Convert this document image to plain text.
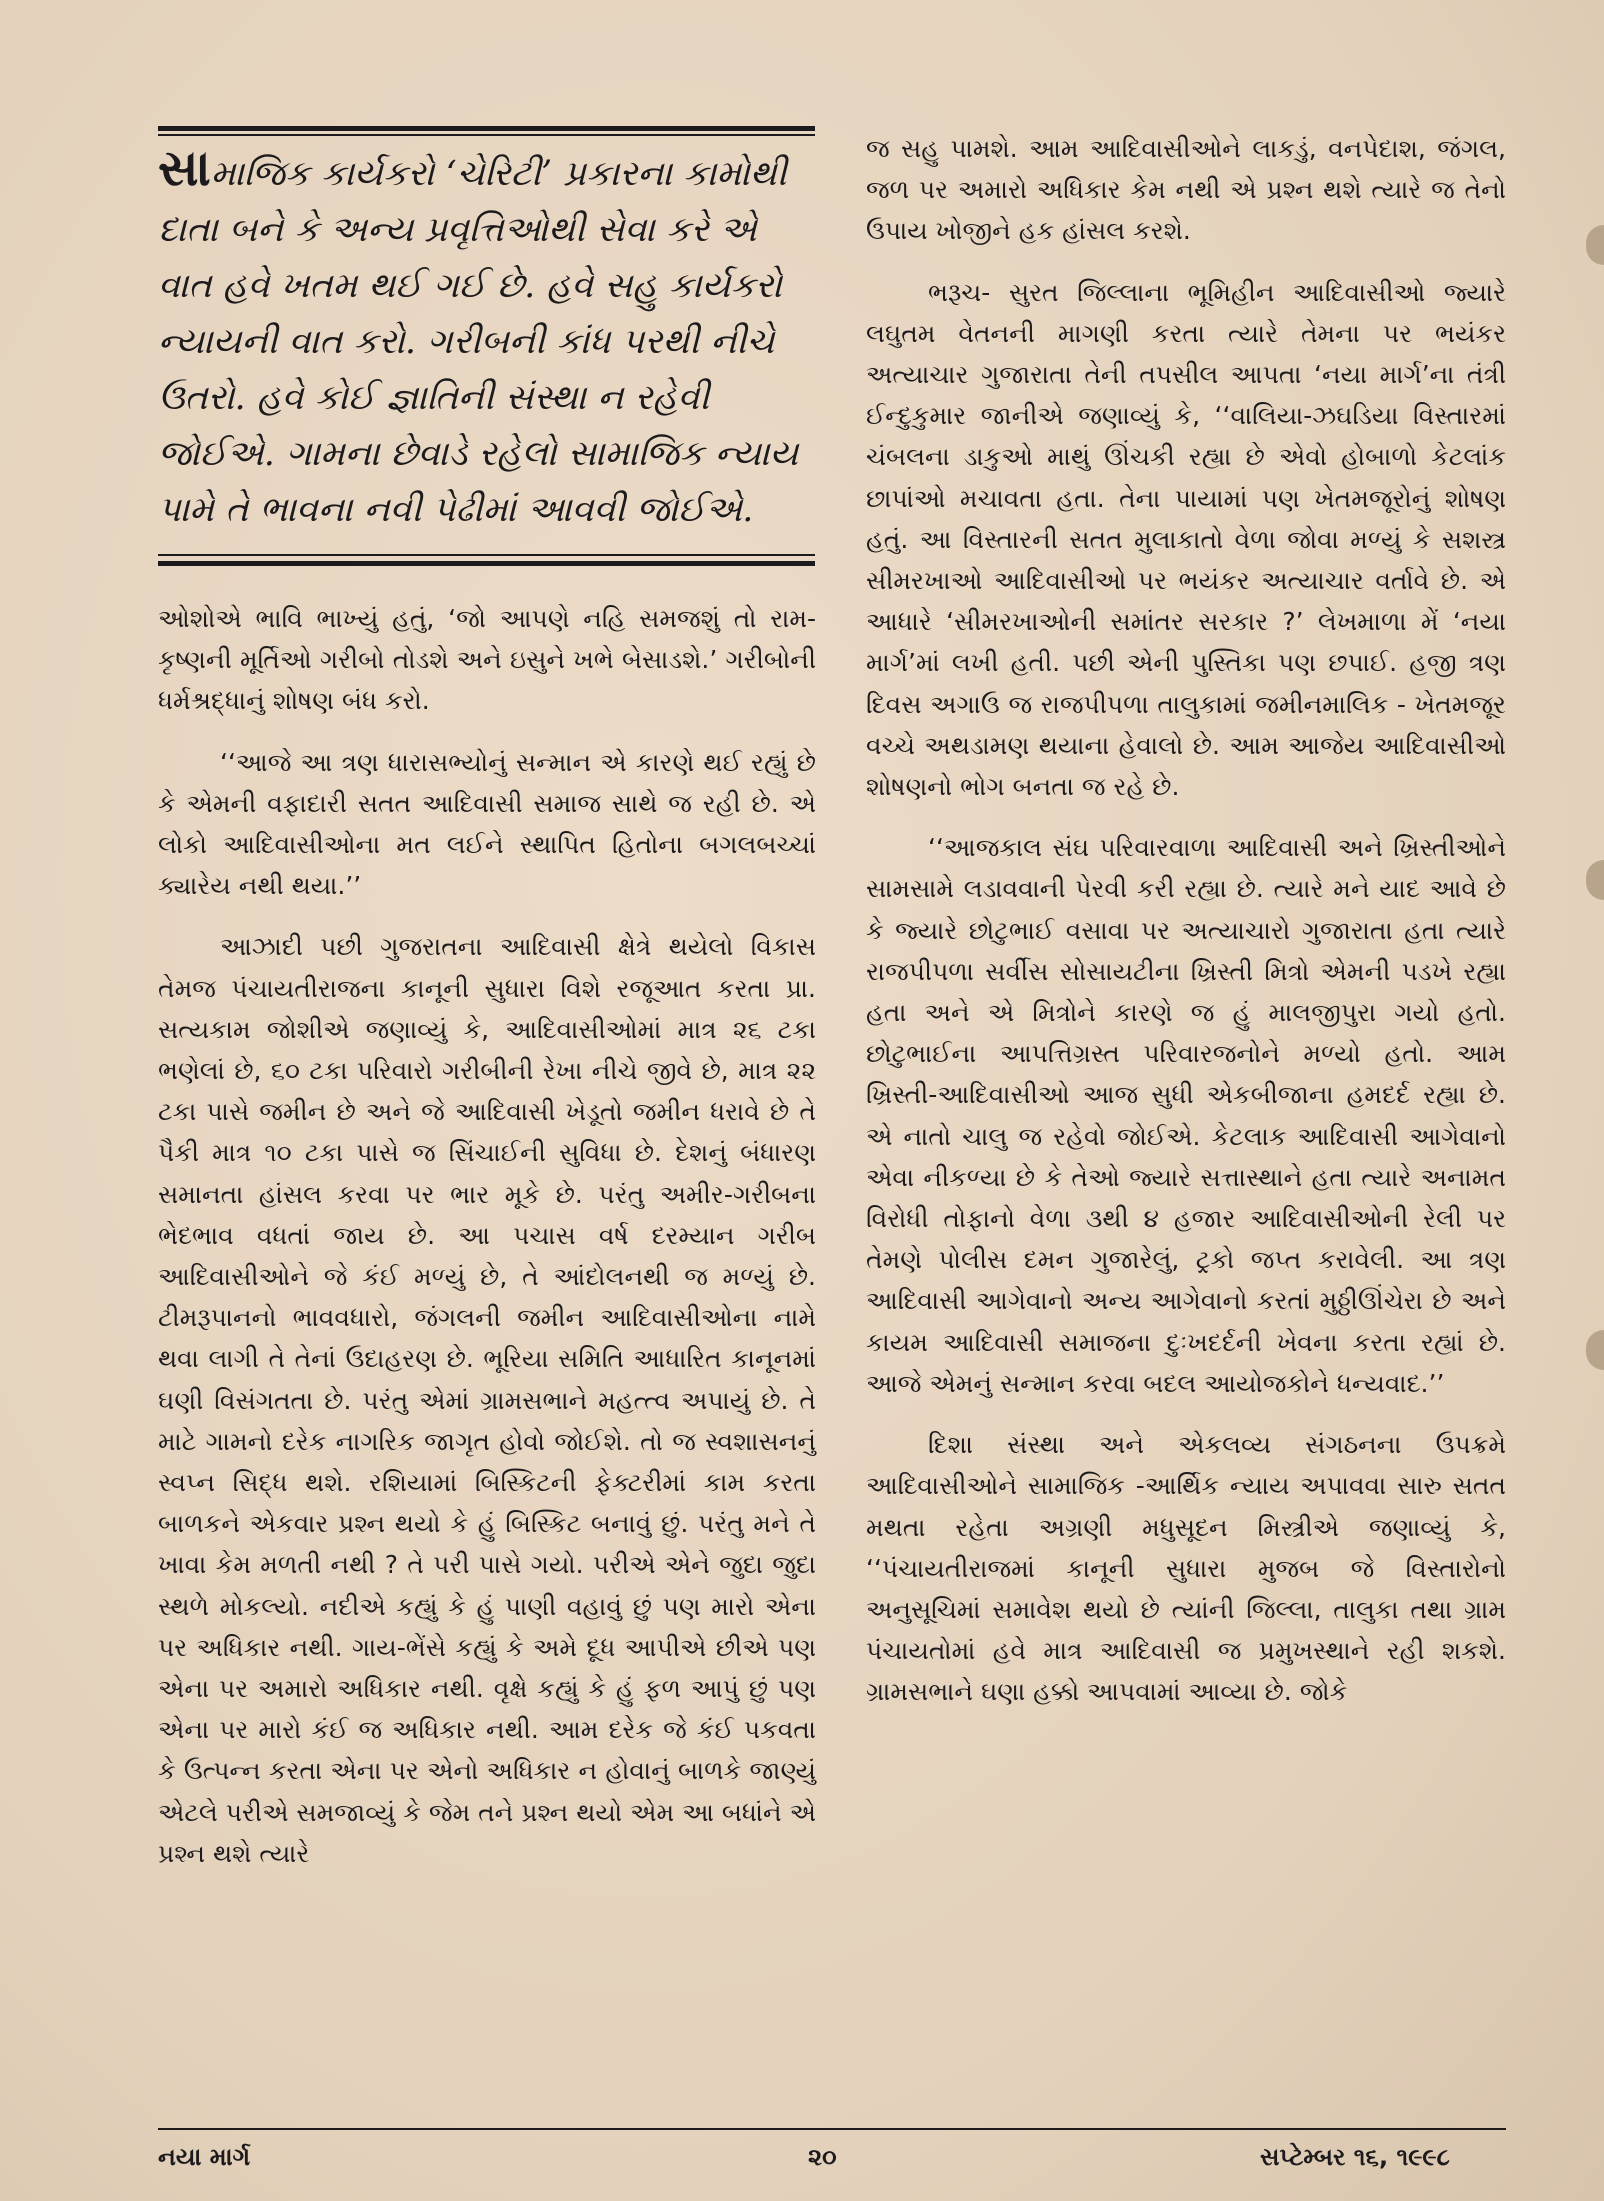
સામાજિક કાર્યકરો ‘ચેરિટી’ પ્રકારના કામોથી દાતા બને કે અન્ય પ્રવૃત્તિઓથી સેવા કરે એ વાત હવે ખતમ થઈ ગઈ છે. હવે સહુ કાર્યકરો ન્યાયની વાત કરો. ગરીબની કાંધ પરથી નીચે ઉતરો. હવે કોઈ જ્ઞાતિની સંસ્થા ન રહેવી જોઈએ. ગામના છેવાડે રહેલો સામાજિક ન્યાય પામે તે ભાવના નવી પેઢીમાં આવવી જોઈએ.

ઓશોએ ભાવિ ભાખ્યું હતું, ‘જો આપણે નહિ સમજશું તો રામ-કૃષ્ણની મૂર્તિઓ ગરીબો તોડશે અને ઇસુને ખભે બેસાડશે.’ ગરીબોની ધર્મશ્રદ્ધાનું શોષણ બંધ કરો.

‘‘આજે આ ત્રણ ધારાસભ્યોનું સન્માન એ કારણે થઈ રહ્યું છે કે એમની વફાદારી સતત આદિવાસી સમાજ સાથે જ રહી છે. એ લોકો આદિવાસીઓના મત લઈને સ્થાપિત હિતોના બગલબચ્ચાં ક્યારેય નથી થયા.’’

આઝાદી પછી ગુજરાતના આદિવાસી ક્ષેત્રે થયેલો વિકાસ તેમજ પંચાયતીરાજના કાનૂની સુધારા વિશે રજૂઆત કરતા પ્રા. સત્યકામ જોશીએ જણાવ્યું કે, આદિવાસીઓમાં માત્ર ૨૬ ટકા ભણેલાં છે, ૬૦ ટકા પરિવારો ગરીબીની રેખા નીચે જીવે છે, માત્ર ૨૨ ટકા પાસે જમીન છે અને જે આદિવાસી ખેડૂતો જમીન ધરાવે છે તે પૈકી માત્ર ૧૦ ટકા પાસે જ સિંચાઈની સુવિધા છે. દેશનું બંધારણ સમાનતા હાંસલ કરવા પર ભાર મૂકે છે. પરંતુ અમીર-ગરીબના ભેદભાવ વધતાં જાય છે. આ પચાસ વર્ષ દરમ્યાન ગરીબ આદિવાસીઓને જે કંઈ મળ્યું છે, તે આંદોલનથી જ મળ્યું છે. ટીમરૂપાનનો ભાવવધારો, જંગલની જમીન આદિવાસીઓના નામે થવા લાગી તે તેનાં ઉદાહરણ છે. ભૂરિયા સમિતિ આધારિત કાનૂનમાં ઘણી વિસંગતતા છે. પરંતુ એમાં ગ્રામસભાને મહત્ત્વ અપાયું છે. તે માટે ગામનો દરેક નાગરિક જાગૃત હોવો જોઈશે. તો જ સ્વશાસનનું સ્વપ્ન સિદ્ધ થશે. રશિયામાં બિસ્કિટની ફેક્ટરીમાં કામ કરતા બાળકને એકવાર પ્રશ્ન થયો કે હું બિસ્કિટ બનાવું છું. પરંતુ મને તે ખાવા કેમ મળતી નથી ? તે પરી પાસે ગયો. પરીએ એને જુદા જુદા સ્થળે મોકલ્યો. નદીએ કહ્યું કે હું પાણી વહાવું છું પણ મારો એના પર અધિકાર નથી. ગાય-ભેંસે કહ્યું કે અમે દૂધ આપીએ છીએ પણ એના પર અમારો અધિકાર નથી. વૃક્ષે કહ્યું કે હું ફળ આપું છું પણ એના પર મારો કંઈ જ અધિકાર નથી. આમ દરેક જે કંઈ પકવતા કે ઉત્પન્ન કરતા એના પર એનો અધિકાર ન હોવાનું બાળકે જાણ્યું એટલે પરીએ સમજાવ્યું કે જેમ તને પ્રશ્ન થયો એમ આ બધાંને એ પ્રશ્ન થશે ત્યારે

જ સહુ પામશે. આમ આદિવાસીઓને લાકડું, વનપેદાશ, જંગલ, જળ પર અમારો અધિકાર કેમ નથી એ પ્રશ્ન થશે ત્યારે જ તેનો ઉપાય ખોજીને હક હાંસલ કરશે.

ભરૂચ- સુરત જિલ્લાના ભૂમિહીન આદિવાસીઓ જ્યારે લઘુતમ વેતનની માગણી કરતા ત્યારે તેમના પર ભયંકર અત્યાચાર ગુજારાતા તેની તપસીલ આપતા ‘નયા માર્ગ’ના તંત્રી ઈન્દુકુમાર જાનીએ જણાવ્યું કે, ‘‘વાલિયા-ઝઘડિયા વિસ્તારમાં ચંબલના ડાકુઓ માથું ઊંચકી રહ્યા છે એવો હોબાળો કેટલાંક છાપાંઓ મચાવતા હતા. તેના પાયામાં પણ ખેતમજૂરોનું શોષણ હતું. આ વિસ્તારની સતત મુલાકાતો વેળા જોવા મળ્યું કે સશસ્ત્ર સીમરખાઓ આદિવાસીઓ પર ભયંકર અત્યાચાર વર્તાવે છે. એ આધારે ‘સીમરખાઓની સમાંતર સરકાર ?’ લેખમાળા મેં ‘નયા માર્ગ’માં લખી હતી. પછી એની પુસ્તિકા પણ છપાઈ. હજી ત્રણ દિવસ અગાઉ જ રાજપીપળા તાલુકામાં જમીનમાલિક - ખેતમજૂર વચ્ચે અથડામણ થયાના હેવાલો છે. આમ આજેય આદિવાસીઓ શોષણનો ભોગ બનતા જ રહે છે.

‘‘આજકાલ સંઘ પરિવારવાળા આદિવાસી અને ખ્રિસ્તીઓને સામસામે લડાવવાની પેરવી કરી રહ્યા છે. ત્યારે મને યાદ આવે છે કે જ્યારે છોટુભાઈ વસાવા પર અત્યાચારો ગુજારાતા હતા ત્યારે રાજપીપળા સર્વીસ સોસાયટીના ખ્રિસ્તી મિત્રો એમની પડખે રહ્યા હતા અને એ મિત્રોને કારણે જ હું માલજીપુરા ગયો હતો. છોટુભાઈના આપત્તિગ્રસ્ત પરિવારજનોને મળ્યો હતો. આમ ખ્રિસ્તી-આદિવાસીઓ આજ સુધી એકબીજાના હમદર્દ રહ્યા છે. એ નાતો ચાલુ જ રહેવો જોઈએ. કેટલાક આદિવાસી આગેવાનો એવા નીકળ્યા છે કે તેઓ જ્યારે સત્તાસ્થાને હતા ત્યારે અનામત વિરોધી તોફાનો વેળા ૩થી ૪ હજાર આદિવાસીઓની રેલી પર તેમણે પોલીસ દમન ગુજારેલું, ટ્રકો જપ્ત કરાવેલી. આ ત્રણ આદિવાસી આગેવાનો અન્ય આગેવાનો કરતાં મુઠ્ઠીઊંચેરા છે અને કાયમ આદિવાસી સમાજના દુઃખદર્દની ખેવના કરતા રહ્યાં છે. આજે એમનું સન્માન કરવા બદલ આયોજકોને ધન્યવાદ.’’

દિશા સંસ્થા અને એકલવ્ય સંગઠનના ઉપક્રમે આદિવાસીઓને સામાજિક -આર્થિક ન્યાય અપાવવા સારુ સતત મથતા રહેતા અગ્રણી મધુસૂદન મિસ્ત્રીએ જણાવ્યું કે, ‘‘પંચાયતીરાજમાં કાનૂની સુધારા મુજબ જે વિસ્તારોનો અનુસૂચિમાં સમાવેશ થયો છે ત્યાંની જિલ્લા, તાલુકા તથા ગ્રામ પંચાયતોમાં હવે માત્ર આદિવાસી જ પ્રમુખસ્થાને રહી શકશે. ગ્રામસભાને ઘણા હક્કો આપવામાં આવ્યા છે. જોકે

નયા માર્ગ	૨૦	સપ્ટેમ્બર ૧૬, ૧૯૯૮
